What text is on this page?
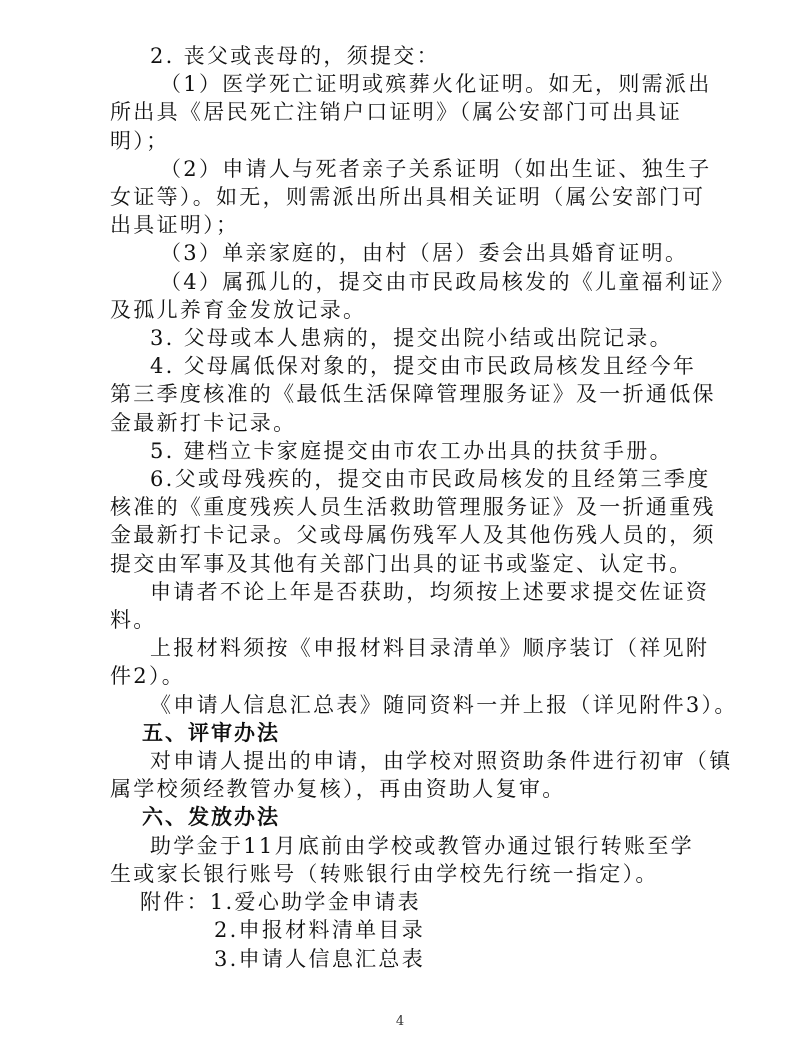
2. 丧父或丧母的，须提交：

（1）医学死亡证明或殡葬火化证明。如无，则需派出

所出具《居民死亡注销户口证明》（属公安部门可出具证

明）；

（2）申请人与死者亲子关系证明（如出生证、独生子

女证等）。如无，则需派出所出具相关证明（属公安部门可

出具证明）；

（3）单亲家庭的，由村（居）委会出具婚育证明。

（4）属孤儿的，提交由市民政局核发的《儿童福利证》

及孤儿养育金发放记录。

3. 父母或本人患病的，提交出院小结或出院记录。

4. 父母属低保对象的，提交由市民政局核发且经今年

第三季度核准的《最低生活保障管理服务证》及一折通低保

金最新打卡记录。

5. 建档立卡家庭提交由市农工办出具的扶贫手册。

6.父或母残疾的，提交由市民政局核发的且经第三季度

核准的《重度残疾人员生活救助管理服务证》及一折通重残

金最新打卡记录。父或母属伤残军人及其他伤残人员的，须

提交由军事及其他有关部门出具的证书或鉴定、认定书。

申请者不论上年是否获助，均须按上述要求提交佐证资

料。

上报材料须按《申报材料目录清单》顺序装订（祥见附

件2）。

《申请人信息汇总表》随同资料一并上报（详见附件3）。

五、评审办法

对申请人提出的申请，由学校对照资助条件进行初审（镇

属学校须经教管办复核），再由资助人复审。

六、发放办法

助学金于11月底前由学校或教管办通过银行转账至学

生或家长银行账号（转账银行由学校先行统一指定）。

附件：1.爱心助学金申请表

2.申报材料清单目录

3.申请人信息汇总表

4
